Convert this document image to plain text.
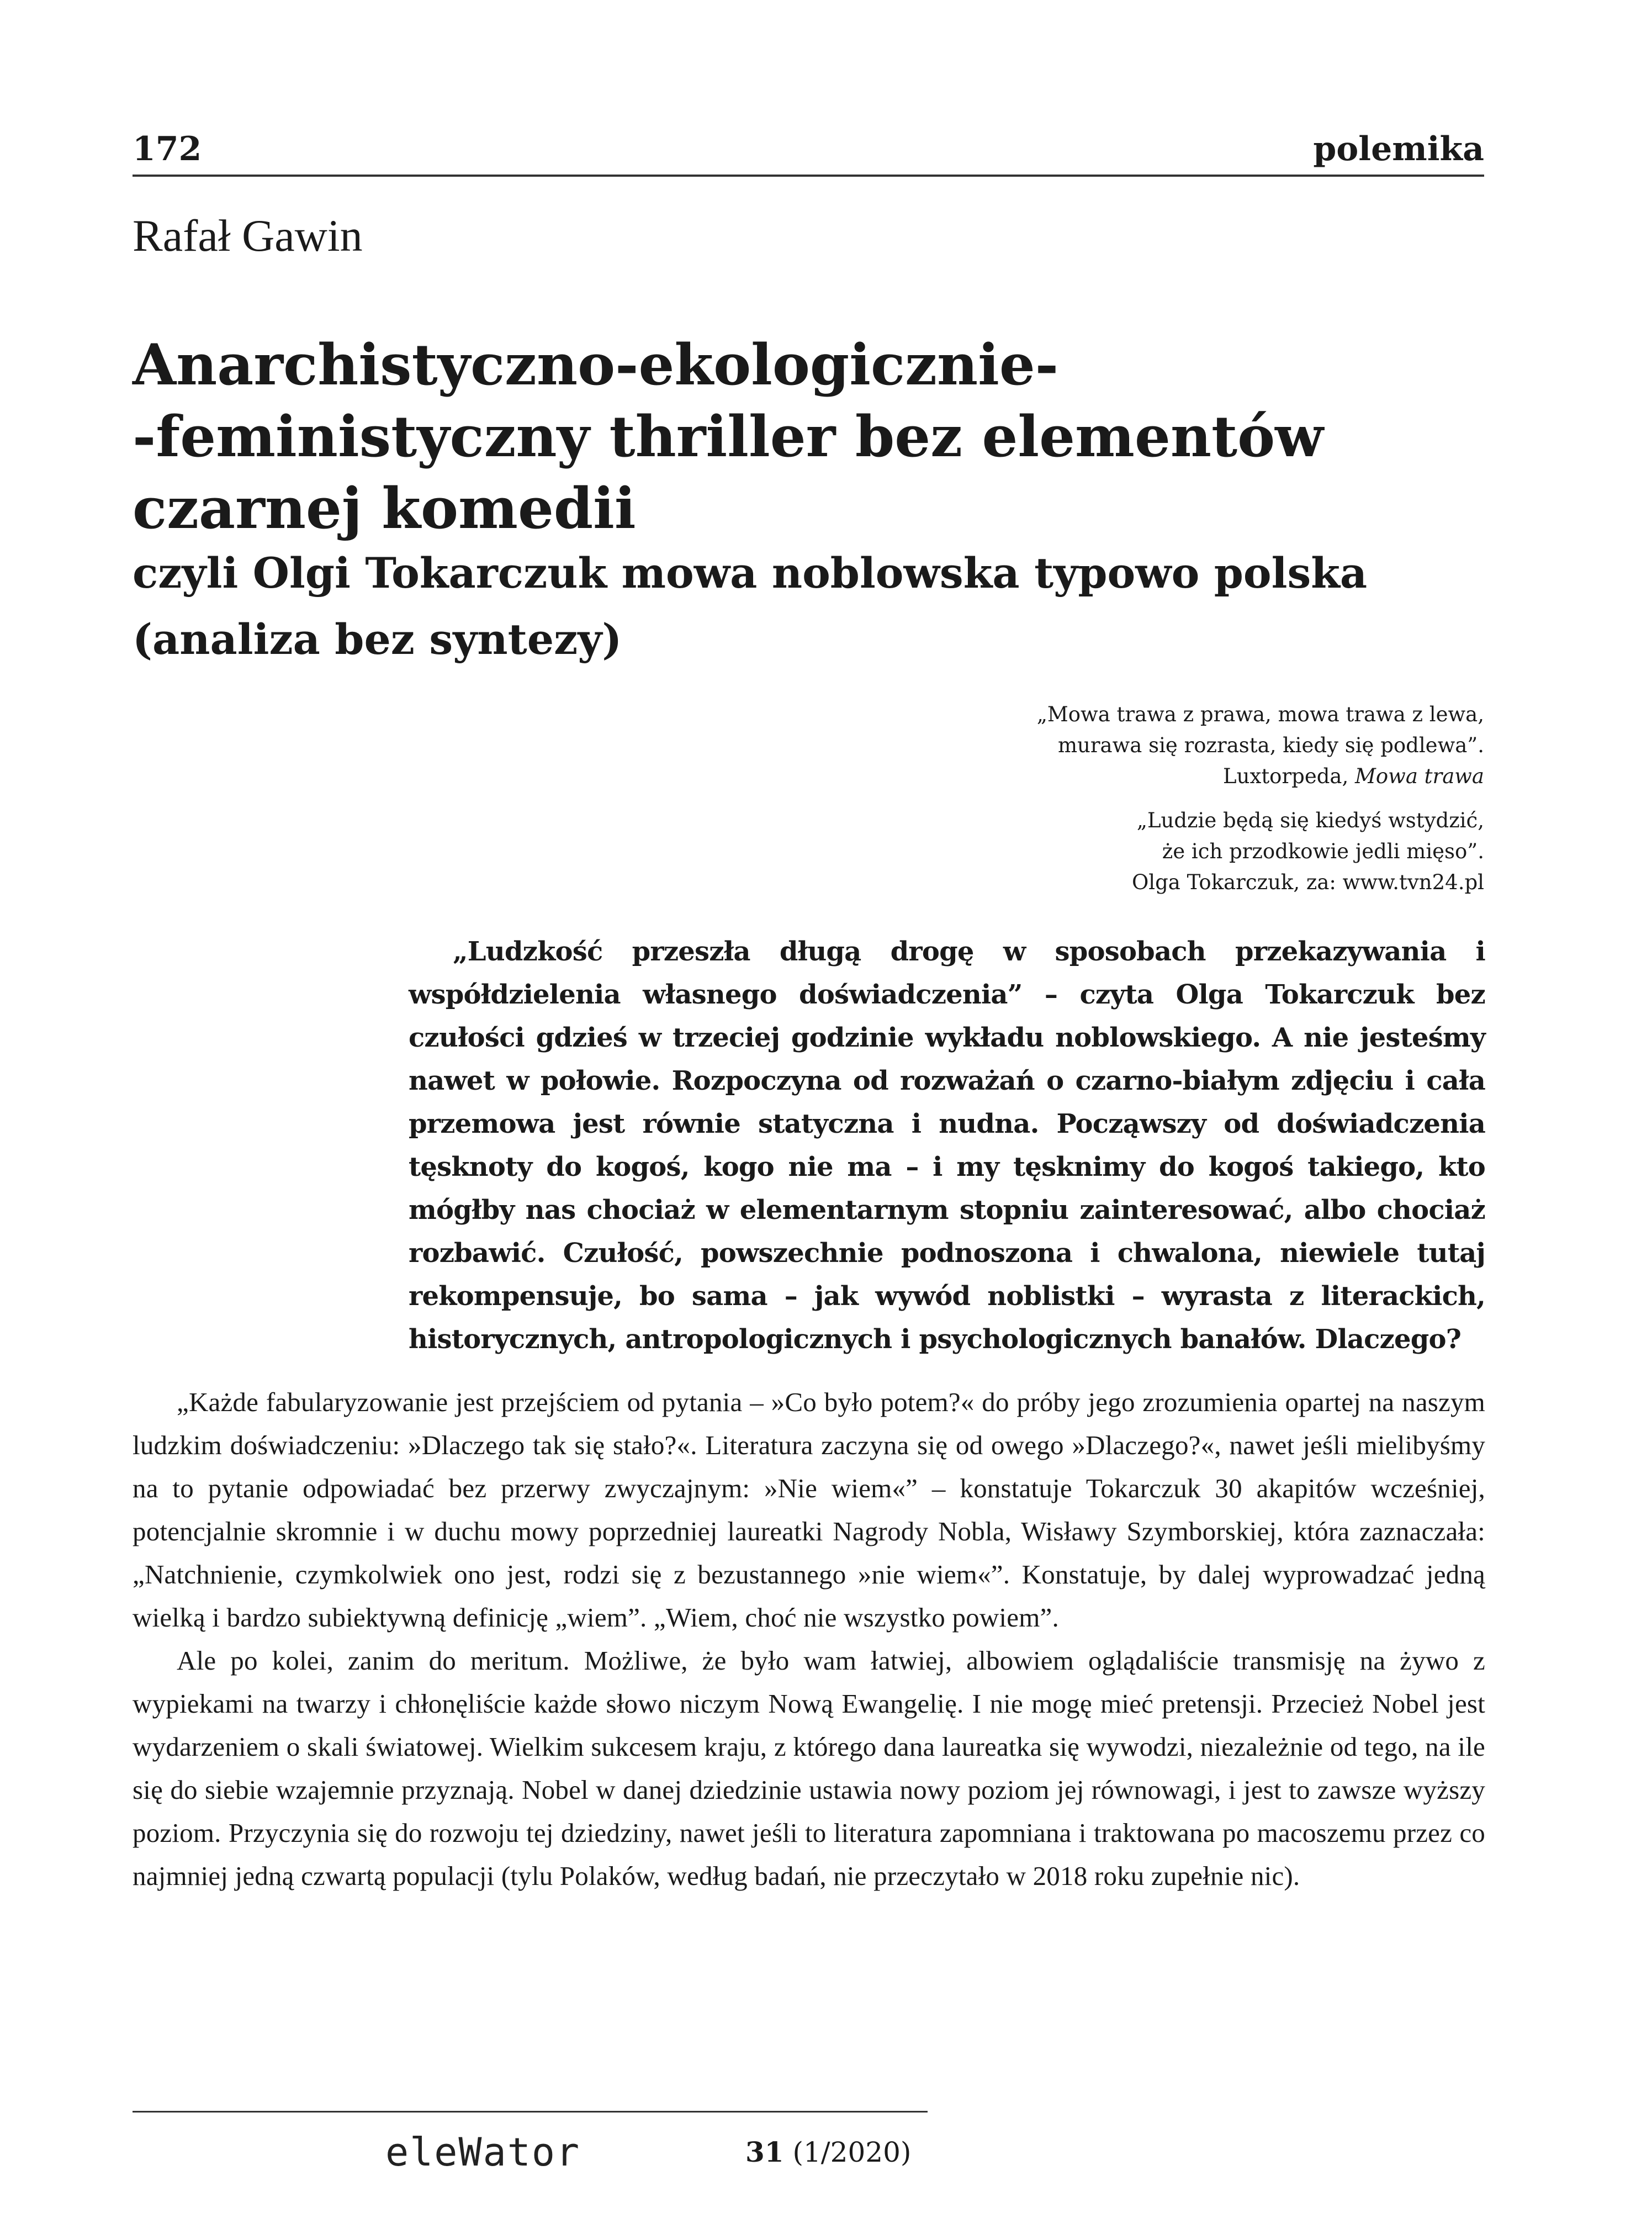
172	polemika
Rafał Gawin
Anarchistyczno-ekologicznie-
-feministyczny thriller bez elementów
czarnej komedii
czyli Olgi Tokarczuk mowa noblowska typowo polska
(analiza bez syntezy)
„Mowa trawa z prawa, mowa trawa z lewa,
murawa się rozrasta, kiedy się podlewa”.
Luxtorpeda, Mowa trawa
„Ludzie będą się kiedyś wstydzić,
że ich przodkowie jedli mięso”.
Olga Tokarczuk, za: www.tvn24.pl

„Ludzkość przeszła długą drogę w sposobach przekazywania i współdzielenia własnego doświadczenia” – czyta Olga Tokarczuk bez czułości gdzieś w trzeciej godzinie wykładu noblowskiego. A nie jesteśmy nawet w połowie. Rozpoczyna od rozważań o czarno-białym zdjęciu i cała przemowa jest równie statyczna i nudna. Począwszy od doświadczenia tęsknoty do kogoś, kogo nie ma – i my tęsknimy do kogoś takiego, kto mógłby nas chociaż w elementarnym stopniu zainteresować, albo chociaż rozbawić. Czułość, powszechnie podnoszona i chwalona, niewiele tutaj rekompensuje, bo sama – jak wywód noblistki – wyrasta z literackich, historycznych, antropologicznych i psychologicznych banałów. Dlaczego?

„Każde fabularyzowanie jest przejściem od pytania – »Co było potem?« do próby jego zrozumienia opartej na naszym ludzkim doświadczeniu: »Dlaczego tak się stało?«. Literatura zaczyna się od owego »Dlaczego?«, nawet jeśli mielibyśmy na to pytanie odpowiadać bez przerwy zwyczajnym: »Nie wiem«” – konstatuje Tokarczuk 30 akapitów wcześniej, potencjalnie skromnie i w duchu mowy poprzedniej laureatki Nagrody Nobla, Wisławy Szymborskiej, która zaznaczała: „Natchnienie, czymkolwiek ono jest, rodzi się z bezustannego »nie wiem«”. Konstatuje, by dalej wyprowadzać jedną wielką i bardzo subiektywną definicję „wiem”. „Wiem, choć nie wszystko powiem”.

Ale po kolei, zanim do meritum. Możliwe, że było wam łatwiej, albowiem oglądaliście transmisję na żywo z wypiekami na twarzy i chłonęliście każde słowo niczym Nową Ewangelię. I nie mogę mieć pretensji. Przecież Nobel jest wydarzeniem o skali światowej. Wielkim sukcesem kraju, z którego dana laureatka się wywodzi, niezależnie od tego, na ile się do siebie wzajemnie przyznają. Nobel w danej dziedzinie ustawia nowy poziom jej równowagi, i jest to zawsze wyższy poziom. Przyczynia się do rozwoju tej dziedziny, nawet jeśli to literatura zapomniana i traktowana po macoszemu przez co najmniej jedną czwartą populacji (tylu Polaków, według badań, nie przeczytało w 2018 roku zupełnie nic).

eleWator	31 (1/2020)
